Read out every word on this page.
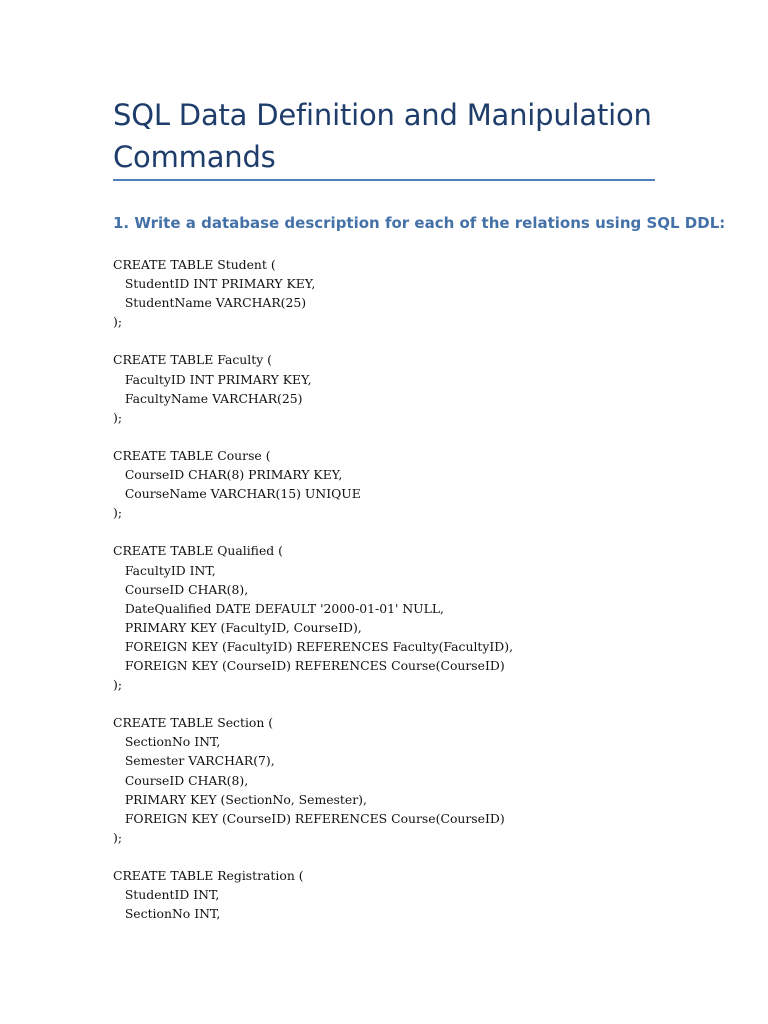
SQL Data Definition and Manipulation Commands
1. Write a database description for each of the relations using SQL DDL:
CREATE TABLE Student (
StudentID INT PRIMARY KEY,
StudentName VARCHAR(25)
);
CREATE TABLE Faculty (
FacultyID INT PRIMARY KEY,
FacultyName VARCHAR(25)
);
CREATE TABLE Course (
CourseID CHAR(8) PRIMARY KEY,
CourseName VARCHAR(15) UNIQUE
);
CREATE TABLE Qualified (
FacultyID INT,
CourseID CHAR(8),
DateQualified DATE DEFAULT '2000-01-01' NULL,
PRIMARY KEY (FacultyID, CourseID),
FOREIGN KEY (FacultyID) REFERENCES Faculty(FacultyID),
FOREIGN KEY (CourseID) REFERENCES Course(CourseID)
);
CREATE TABLE Section (
SectionNo INT,
Semester VARCHAR(7),
CourseID CHAR(8),
PRIMARY KEY (SectionNo, Semester),
FOREIGN KEY (CourseID) REFERENCES Course(CourseID)
);
CREATE TABLE Registration (
StudentID INT,
SectionNo INT,
